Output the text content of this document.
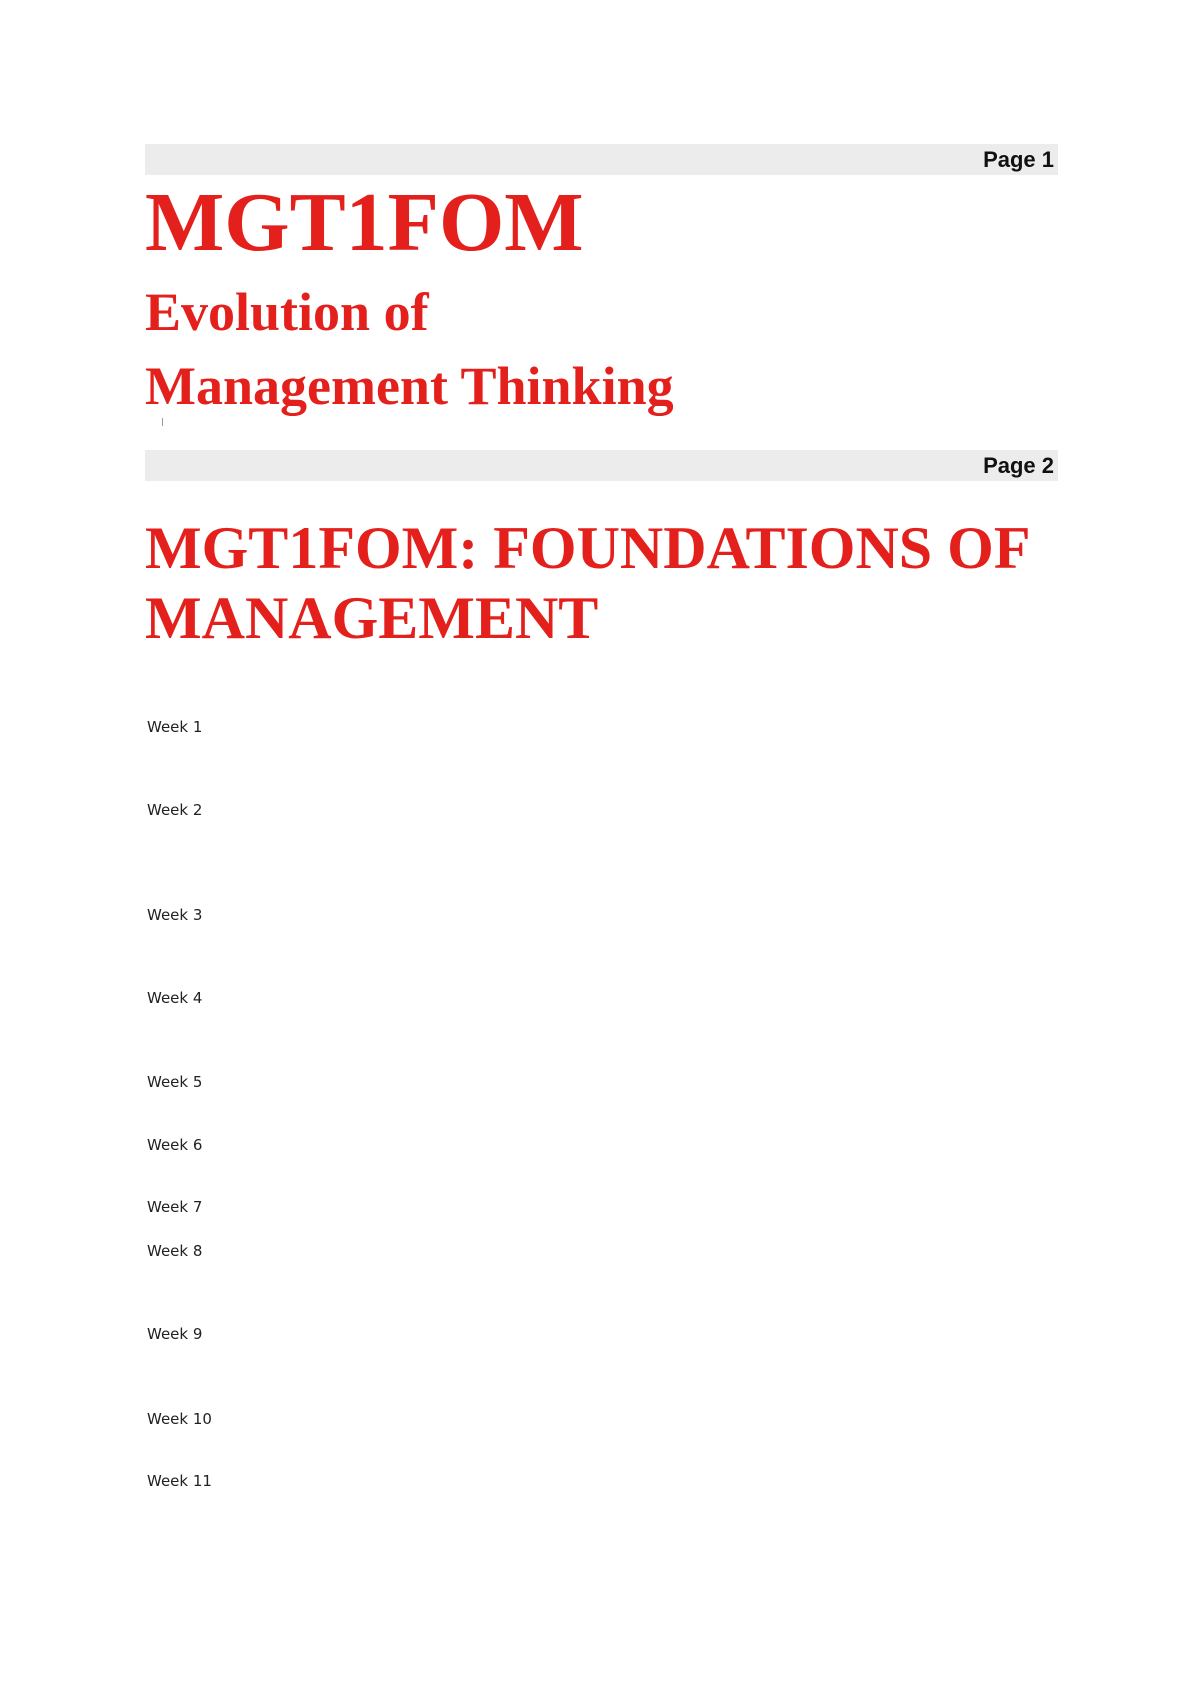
Page 1
MGT1FOM
Evolution of
Management Thinking
Page 2
MGT1FOM: FOUNDATIONS OF
MANAGEMENT
Week 1
Week 2
Week 3
Week 4
Week 5
Week 6
Week 7
Week 8
Week 9
Week 10
Week 11
